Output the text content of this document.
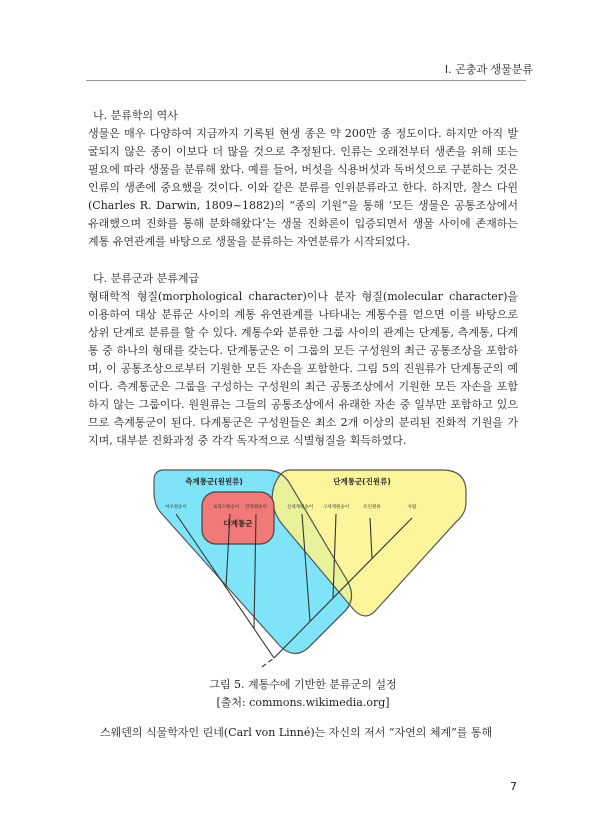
I. 곤충과 생물분류
나. 분류학의 역사

생물은 매우 다양하여 지금까지 기록된 현생 종은 약 200만 종 정도이다. 하지만 아직 발굴되지 않은 종이 이보다 더 많을 것으로 추정된다. 인류는 오래전부터 생존을 위해 또는 필요에 따라 생물을 분류해 왔다. 예를 들어, 버섯을 식용버섯과 독버섯으로 구분하는 것은 인류의 생존에 중요했을 것이다. 이와 같은 분류를 인위분류라고 한다. 하지만, 찰스 다윈(Charles R. Darwin, 1809~1882)의 “종의 기원”을 통해 ‘모든 생물은 공통조상에서 유래했으며 진화를 통해 분화해왔다’는 생물 진화론이 입증되면서 생물 사이에 존재하는 계통 유연관계를 바탕으로 생물을 분류하는 자연분류가 시작되었다.

다. 분류군과 분류계급

형태학적 형질(morphological character)이나 분자 형질(molecular character)을 이용하여 대상 분류군 사이의 계통 유연관계를 나타내는 계통수를 얻으면 이를 바탕으로 상위 단계로 분류를 할 수 있다. 계통수와 분류한 그룹 사이의 관계는 단계통, 측계통, 다계통 중 하나의 형태를 갖는다. 단계통군은 이 그룹의 모든 구성원의 최근 공통조상을 포함하며, 이 공통조상으로부터 기원한 모든 자손을 포함한다. 그림 5의 진원류가 단계통군의 예이다. 측계통군은 그룹을 구성하는 구성원의 최근 공통조상에서 기원한 모든 자손을 포함하지 않는 그룹이다. 원원류는 그들의 공통조상에서 유래한 자손 중 일부만 포함하고 있으므로 측계통군이 된다. 다계통군은 구성원들은 최소 2개 이상의 분리된 진화적 기원을 가지며, 대부분 진화과정 중 각각 독자적으로 식별형질을 획득하였다.

측계통군(원원류)	단계통군(진원류)
다계통군
여우원숭이	로리스원숭이 안경원숭이	신세계원숭이 구세계원숭이	유인원류	사람
그림 5. 계통수에 기반한 분류군의 설정
[출처: commons.wikimedia.org]

스웨덴의 식물학자인 린네(Carl von Linné)는 자신의 저서 “자연의 체계”를 통해

7
